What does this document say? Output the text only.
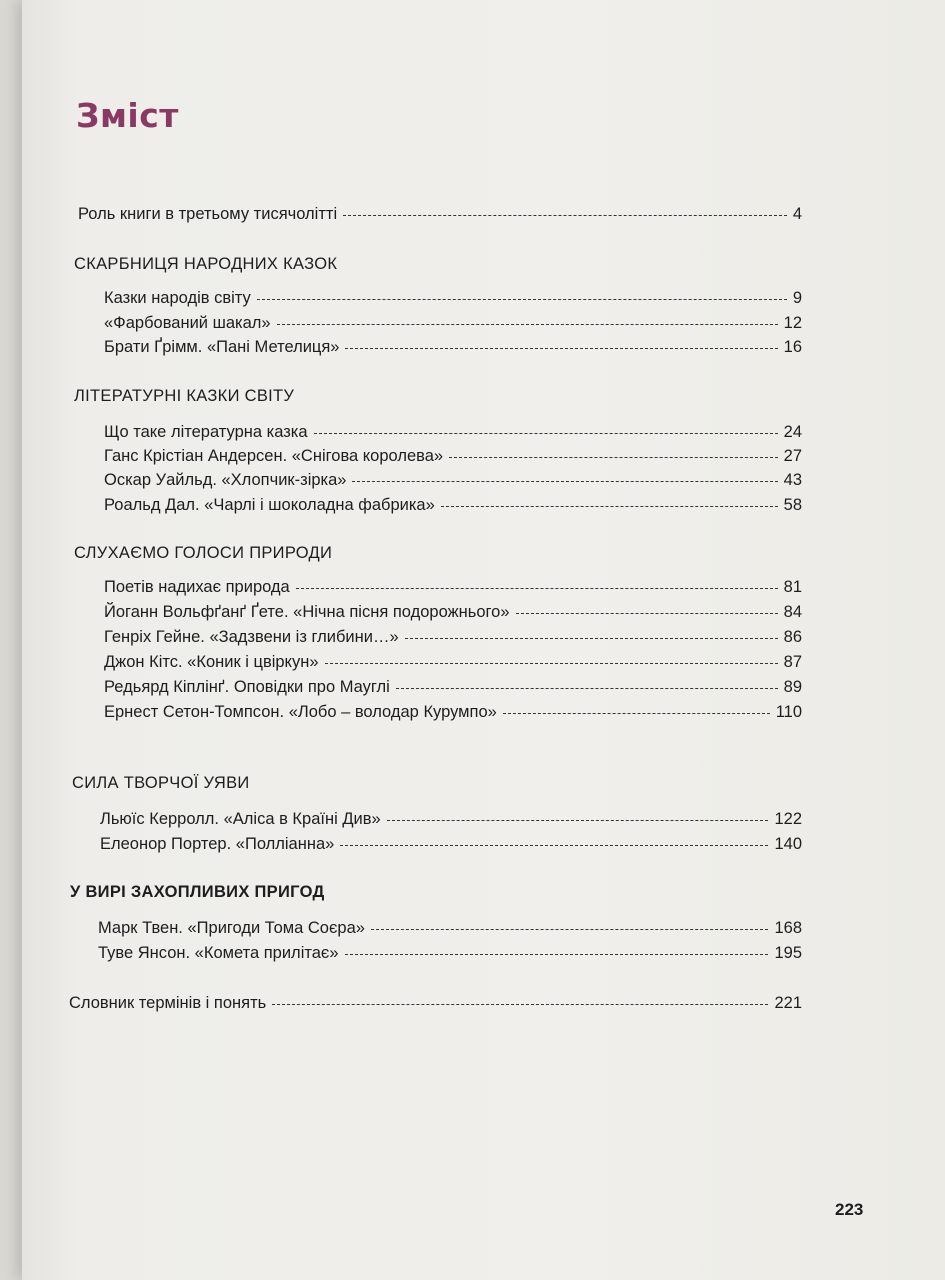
Зміст
Роль книги в третьому тисячолітті	4
СКАРБНИЦЯ НАРОДНИХ КАЗОК
Казки народів світу	9
«Фарбований шакал»	12
Брати Ґрімм. «Пані Метелиця»	16
ЛІТЕРАТУРНІ КАЗКИ СВІТУ
Що таке літературна казка	24
Ганс Крістіан Андерсен. «Снігова королева»	27
Оскар Уайльд. «Хлопчик-зірка»	43
Роальд Дал. «Чарлі і шоколадна фабрика»	58
СЛУХАЄМО ГОЛОСИ ПРИРОДИ
Поетів надихає природа	81
Йоганн Вольфґанґ Ґете. «Нічна пісня подорожнього»	84
Генріх Гейне. «Задзвени із глибини…»	86
Джон Кітс. «Коник і цвіркун»	87
Редьярд Кіплінґ. Оповідки про Мауглі	89
Ернест Сетон-Томпсон. «Лобо – володар Курумпо»	110
СИЛА ТВОРЧОЇ УЯВИ
Льюїс Керролл. «Аліса в Країні Див»	122
Елеонор Портер. «Поллiанна»	140
У ВИРІ ЗАХОПЛИВИХ ПРИГОД
Марк Твен. «Пригоди Тома Соєра»	168
Туве Янсон. «Комета прилітає»	195
Словник термінів і понять	221
223
